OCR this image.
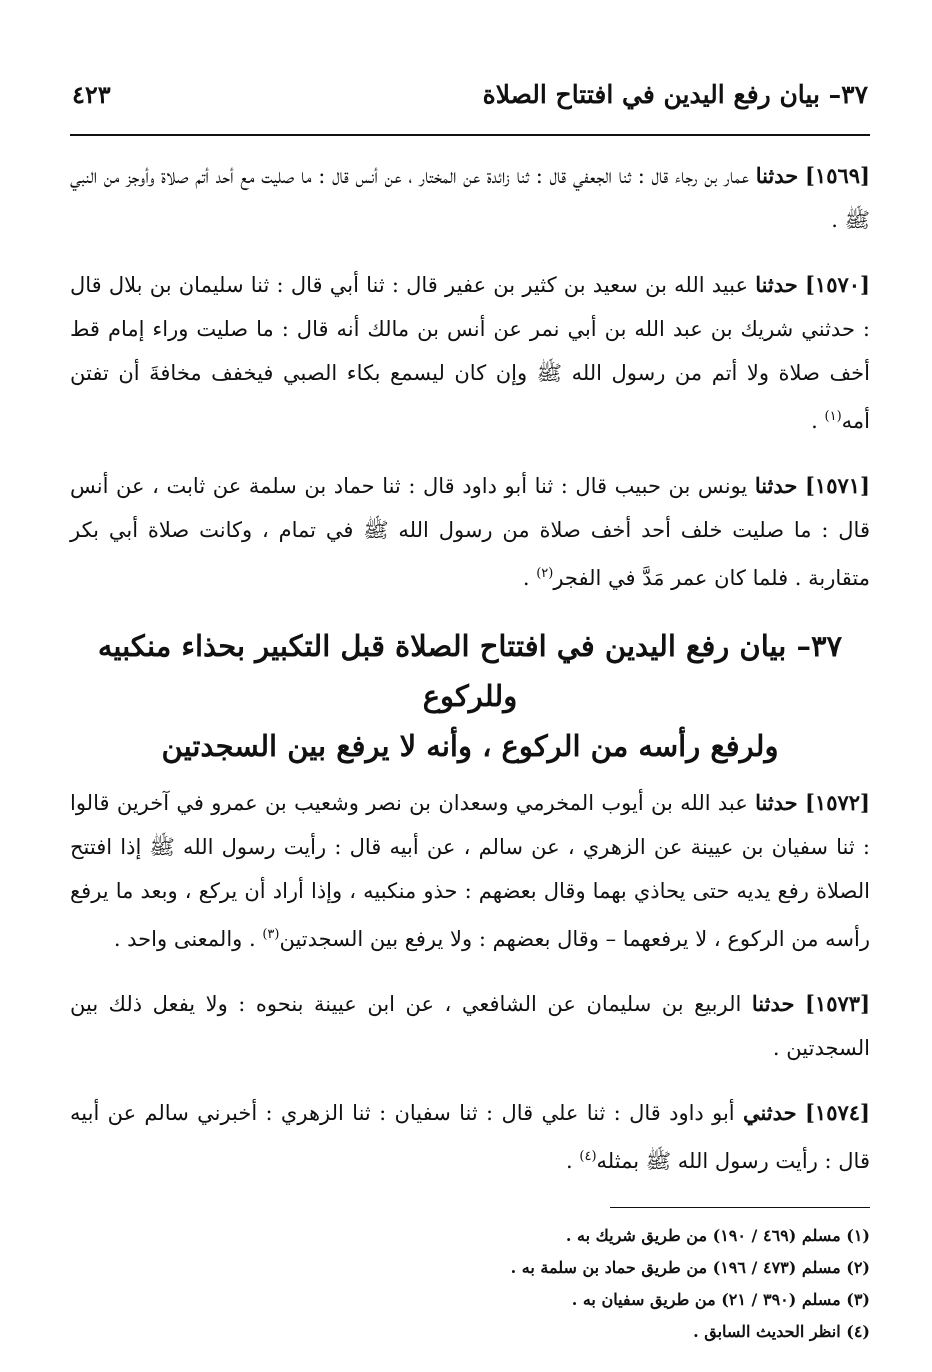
٣٧– بيان رفع اليدين في افتتاح الصلاة
٤٢٣

[١٥٦٩] حدثنا عمار بن رجاء قال : ثنا الجعفي قال : ثنا زائدة عن المختار ، عن أنس قال : ما صليت مع أحد أتم صلاة وأوجز من النبي ﷺ .

[١٥٧٠] حدثنا عبيد الله بن سعيد بن كثير بن عفير قال : ثنا أبي قال : ثنا سليمان بن بلال قال : حدثني شريك بن عبد الله بن أبي نمر عن أنس بن مالك أنه قال : ما صليت وراء إمام قط أخف صلاة ولا أتم من رسول الله ﷺ وإن كان ليسمع بكاء الصبي فيخفف مخافةَ أن تفتن أمه$^{(١)}$ .

[١٥٧١] حدثنا يونس بن حبيب قال : ثنا أبو داود قال : ثنا حماد بن سلمة عن ثابت ، عن أنس قال : ما صليت خلف أحد أخف صلاة من رسول الله ﷺ في تمام ، وكانت صلاة أبي بكر متقاربة . فلما كان عمر مَدَّ في الفجر$^{(٢)}$ .

٣٧– بيان رفع اليدين في افتتاح الصلاة قبل التكبير بحذاء منكبيه وللركوع
ولرفع رأسه من الركوع ، وأنه لا يرفع بين السجدتين

[١٥٧٢] حدثنا عبد الله بن أيوب المخرمي وسعدان بن نصر وشعيب بن عمرو في آخرين قالوا : ثنا سفيان بن عيينة عن الزهري ، عن سالم ، عن أبيه قال : رأيت رسول الله ﷺ إذا افتتح الصلاة رفع يديه حتى يحاذي بهما وقال بعضهم : حذو منكبيه ، وإذا أراد أن يركع ، وبعد ما يرفع رأسه من الركوع ، لا يرفعهما – وقال بعضهم : ولا يرفع بين السجدتين$^{(٣)}$ . والمعنى واحد .

[١٥٧٣] حدثنا الربيع بن سليمان عن الشافعي ، عن ابن عيينة بنحوه : ولا يفعل ذلك بين السجدتين .

[١٥٧٤] حدثني أبو داود قال : ثنا علي قال : ثنا سفيان : ثنا الزهري : أخبرني سالم عن أبيه قال : رأيت رسول الله ﷺ بمثله$^{(٤)}$ .

(١) مسلم (٤٦٩ / ١٩٠) من طريق شريك به .
(٢) مسلم (٤٧٣ / ١٩٦) من طريق حماد بن سلمة به .
(٣) مسلم (٣٩٠ / ٢١) من طريق سفيان به .
(٤) انظر الحديث السابق .
